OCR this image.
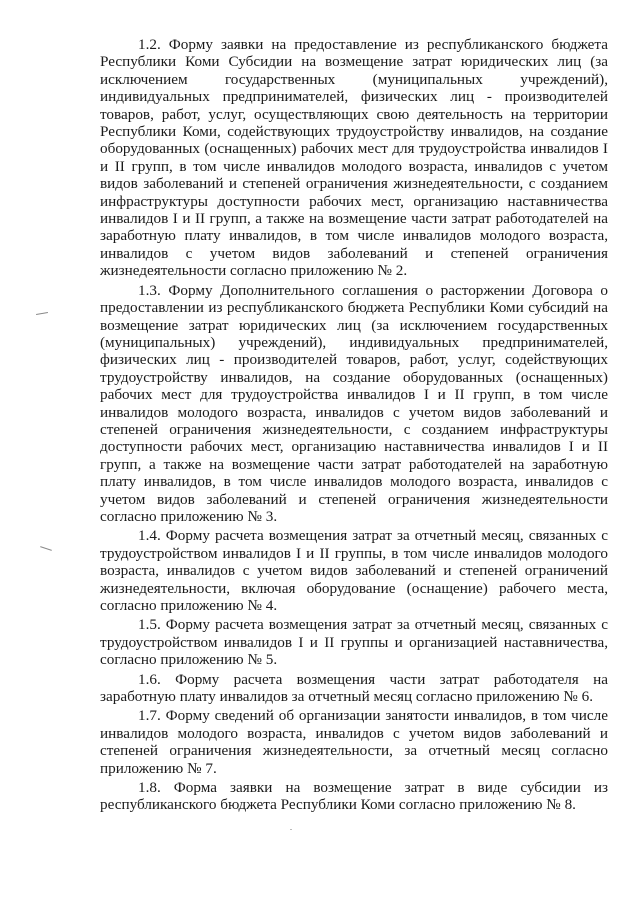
1.2. Форму заявки на предоставление из республиканского бюджета Республики Коми Субсидии на возмещение затрат юридических лиц (за исключением государственных (муниципальных учреждений), индивидуальных предпринимателей, физических лиц - производителей товаров, работ, услуг, осуществляющих свою деятельность на территории Республики Коми, содействующих трудоустройству инвалидов, на создание оборудованных (оснащенных) рабочих мест для трудоустройства инвалидов I и II групп, в том числе инвалидов молодого возраста, инвалидов с учетом видов заболеваний и степеней ограничения жизнедеятельности, с созданием инфраструктуры доступности рабочих мест, организацию наставничества инвалидов I и II групп, а также на возмещение части затрат работодателей на заработную плату инвалидов, в том числе инвалидов молодого возраста, инвалидов с учетом видов заболеваний и степеней ограничения жизнедеятельности согласно приложению № 2.

1.3. Форму Дополнительного соглашения о расторжении Договора о предоставлении из республиканского бюджета Республики Коми субсидий на возмещение затрат юридических лиц (за исключением государственных (муниципальных) учреждений), индивидуальных предпринимателей, физических лиц - производителей товаров, работ, услуг, содействующих трудоустройству инвалидов, на создание оборудованных (оснащенных) рабочих мест для трудоустройства инвалидов I и II групп, в том числе инвалидов молодого возраста, инвалидов с учетом видов заболеваний и степеней ограничения жизнедеятельности, с созданием инфраструктуры доступности рабочих мест, организацию наставничества инвалидов I и II групп, а также на возмещение части затрат работодателей на заработную плату инвалидов, в том числе инвалидов молодого возраста, инвалидов с учетом видов заболеваний и степеней ограничения жизнедеятельности согласно приложению № 3.

1.4. Форму расчета возмещения затрат за отчетный месяц, связанных с трудоустройством инвалидов I и II группы, в том числе инвалидов молодого возраста, инвалидов с учетом видов заболеваний и степеней ограничений жизнедеятельности, включая оборудование (оснащение) рабочего места, согласно приложению № 4.

1.5. Форму расчета возмещения затрат за отчетный месяц, связанных с трудоустройством инвалидов I и II группы и организацией наставничества, согласно приложению № 5.

1.6. Форму расчета возмещения части затрат работодателя на заработную плату инвалидов за отчетный месяц согласно приложению № 6.

1.7. Форму сведений об организации занятости инвалидов, в том числе инвалидов молодого возраста, инвалидов с учетом видов заболеваний и степеней ограничения жизнедеятельности, за отчетный месяц согласно приложению № 7.

1.8. Форма заявки на возмещение затрат в виде субсидии из республиканского бюджета Республики Коми согласно приложению № 8.
